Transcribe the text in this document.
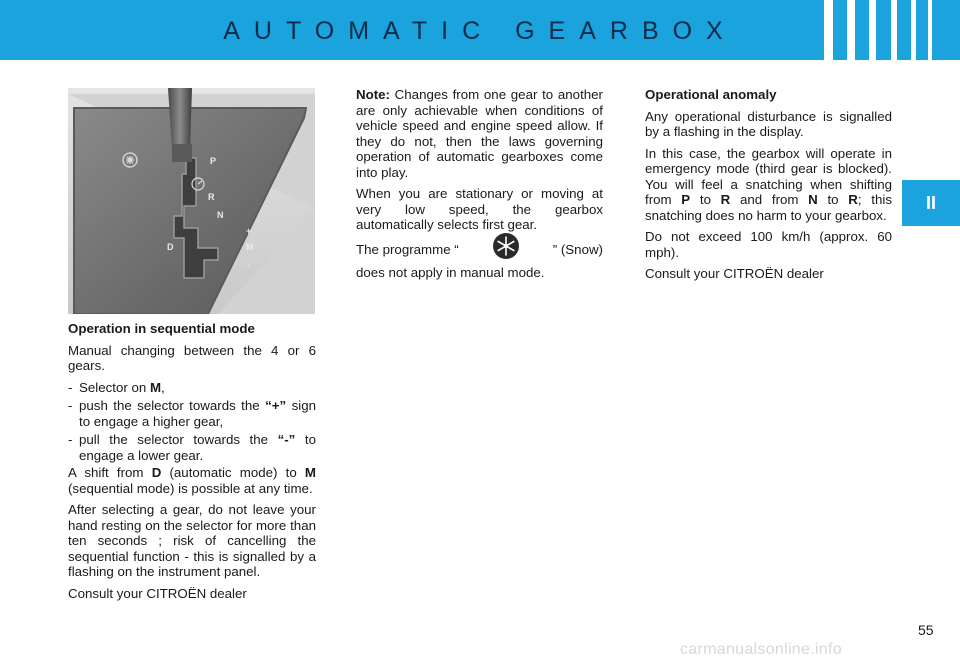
AUTOMATIC GEARBOX
II
P
R
N
D
+
M
-
Operation in sequential mode

Manual changing between the 4 or 6 gears.

- Selector on M,
- push the selector towards the “+” sign to engage a higher gear,
- pull the selector towards the “-” to engage a lower gear.

A shift from D (automatic mode) to M (sequential mode) is possible at any time.

After selecting a gear, do not leave your hand resting on the selector for more than ten seconds ; risk of cancelling the sequential function - this is signalled by a flashing on the instrument panel.

Consult your CITROËN dealer

Note: Changes from one gear to another are only achievable when conditions of vehicle speed and engine speed allow. If they do not, then the laws governing operation of automatic gearboxes come into play.

When you are stationary or moving at very low speed, the gearbox automatically selects first gear.

The programme “	” (Snow)

does not apply in manual mode.

Operational anomaly

Any operational disturbance is signalled by a flashing in the display.

In this case, the gearbox will operate in emergency mode (third gear is blocked). You will feel a snatching when shifting from P to R and from N to R; this snatching does no harm to your gearbox.

Do not exceed 100 km/h (approx. 60 mph).

Consult your CITROËN dealer

55
carmanualsonline.info
